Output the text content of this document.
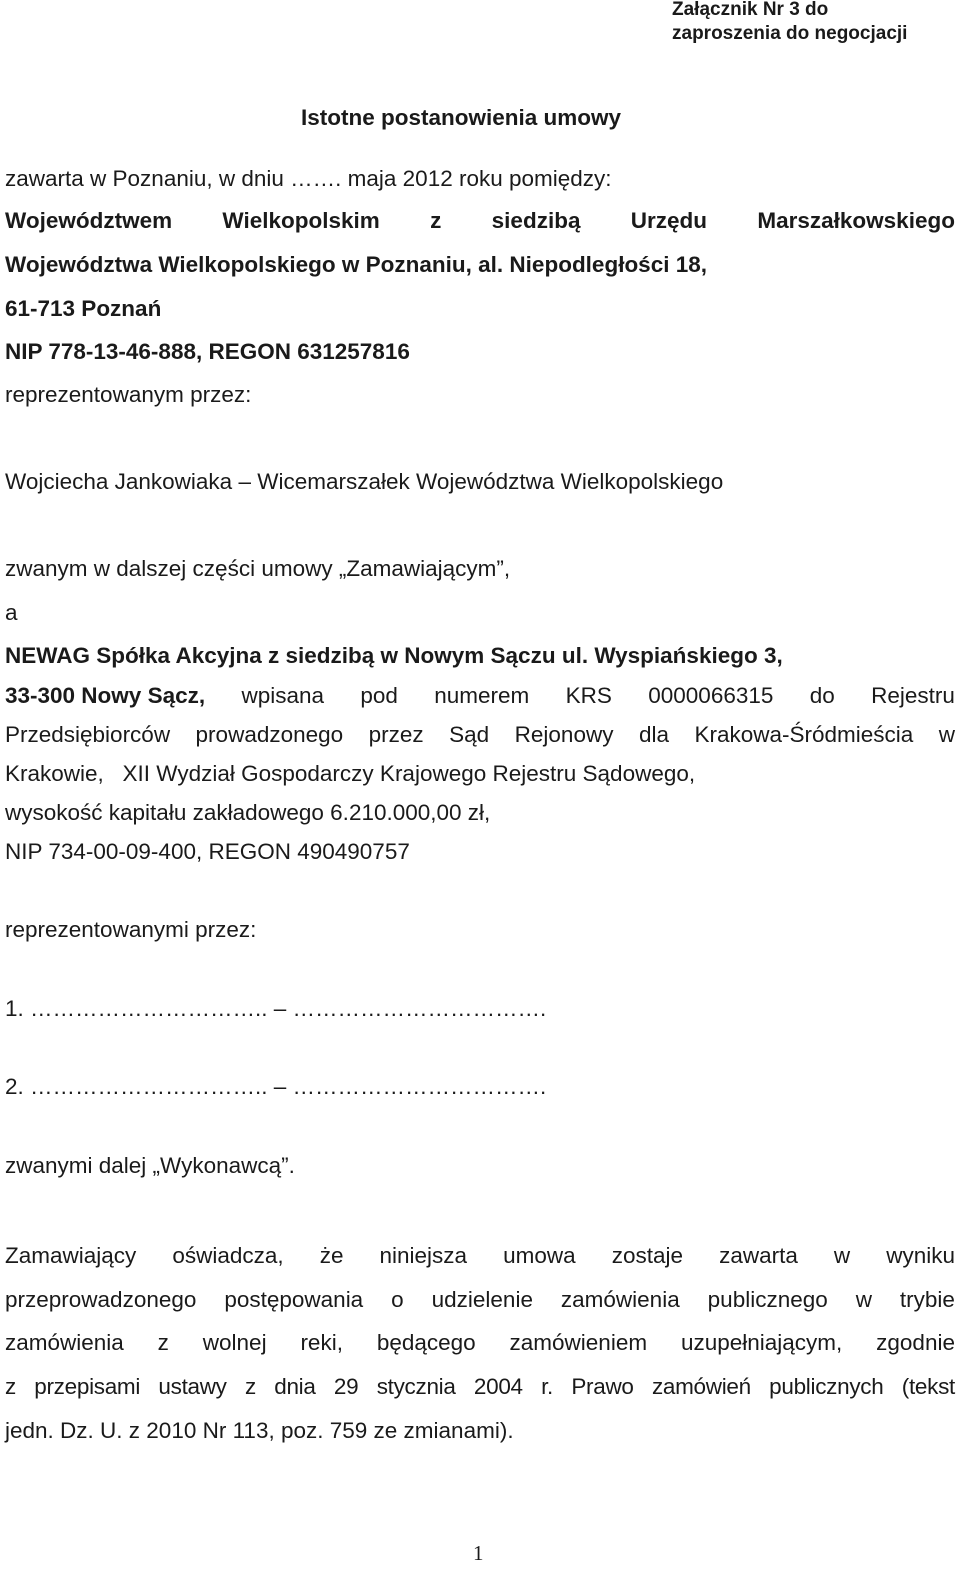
Załącznik Nr 3 do
zaproszenia do negocjacji
Istotne postanowienia umowy
zawarta w Poznaniu, w dniu ……. maja 2012 roku pomiędzy:
Województwem Wielkopolskim z siedzibą Urzędu Marszałkowskiego
Województwa Wielkopolskiego w Poznaniu, al. Niepodległości 18,
61-713 Poznań
NIP 778-13-46-888, REGON 631257816
reprezentowanym przez:
Wojciecha Jankowiaka – Wicemarszałek Województwa Wielkopolskiego
zwanym w dalszej części umowy „Zamawiającym”,
a
NEWAG Spółka Akcyjna z siedzibą w Nowym Sączu ul. Wyspiańskiego 3,
33-300 Nowy Sącz, wpisana pod numerem KRS 0000066315 do Rejestru
Przedsiębiorców prowadzonego przez Sąd Rejonowy dla Krakowa-Śródmieścia w
Krakowie,   XII Wydział Gospodarczy Krajowego Rejestru Sądowego,
wysokość kapitału zakładowego 6.210.000,00 zł,
NIP 734-00-09-400, REGON 490490757
reprezentowanymi przez:
1. ………………………….. – …………………………….
2. ………………………….. – …………………………….
zwanymi dalej „Wykonawcą”.
Zamawiający oświadcza, że niniejsza umowa zostaje zawarta w wyniku
przeprowadzonego postępowania o udzielenie zamówienia publicznego w trybie
zamówienia z wolnej reki, będącego zamówieniem uzupełniającym, zgodnie
z przepisami ustawy z dnia 29 stycznia 2004 r. Prawo zamówień publicznych (tekst
jedn. Dz. U. z 2010 Nr 113, poz. 759 ze zmianami).
1
